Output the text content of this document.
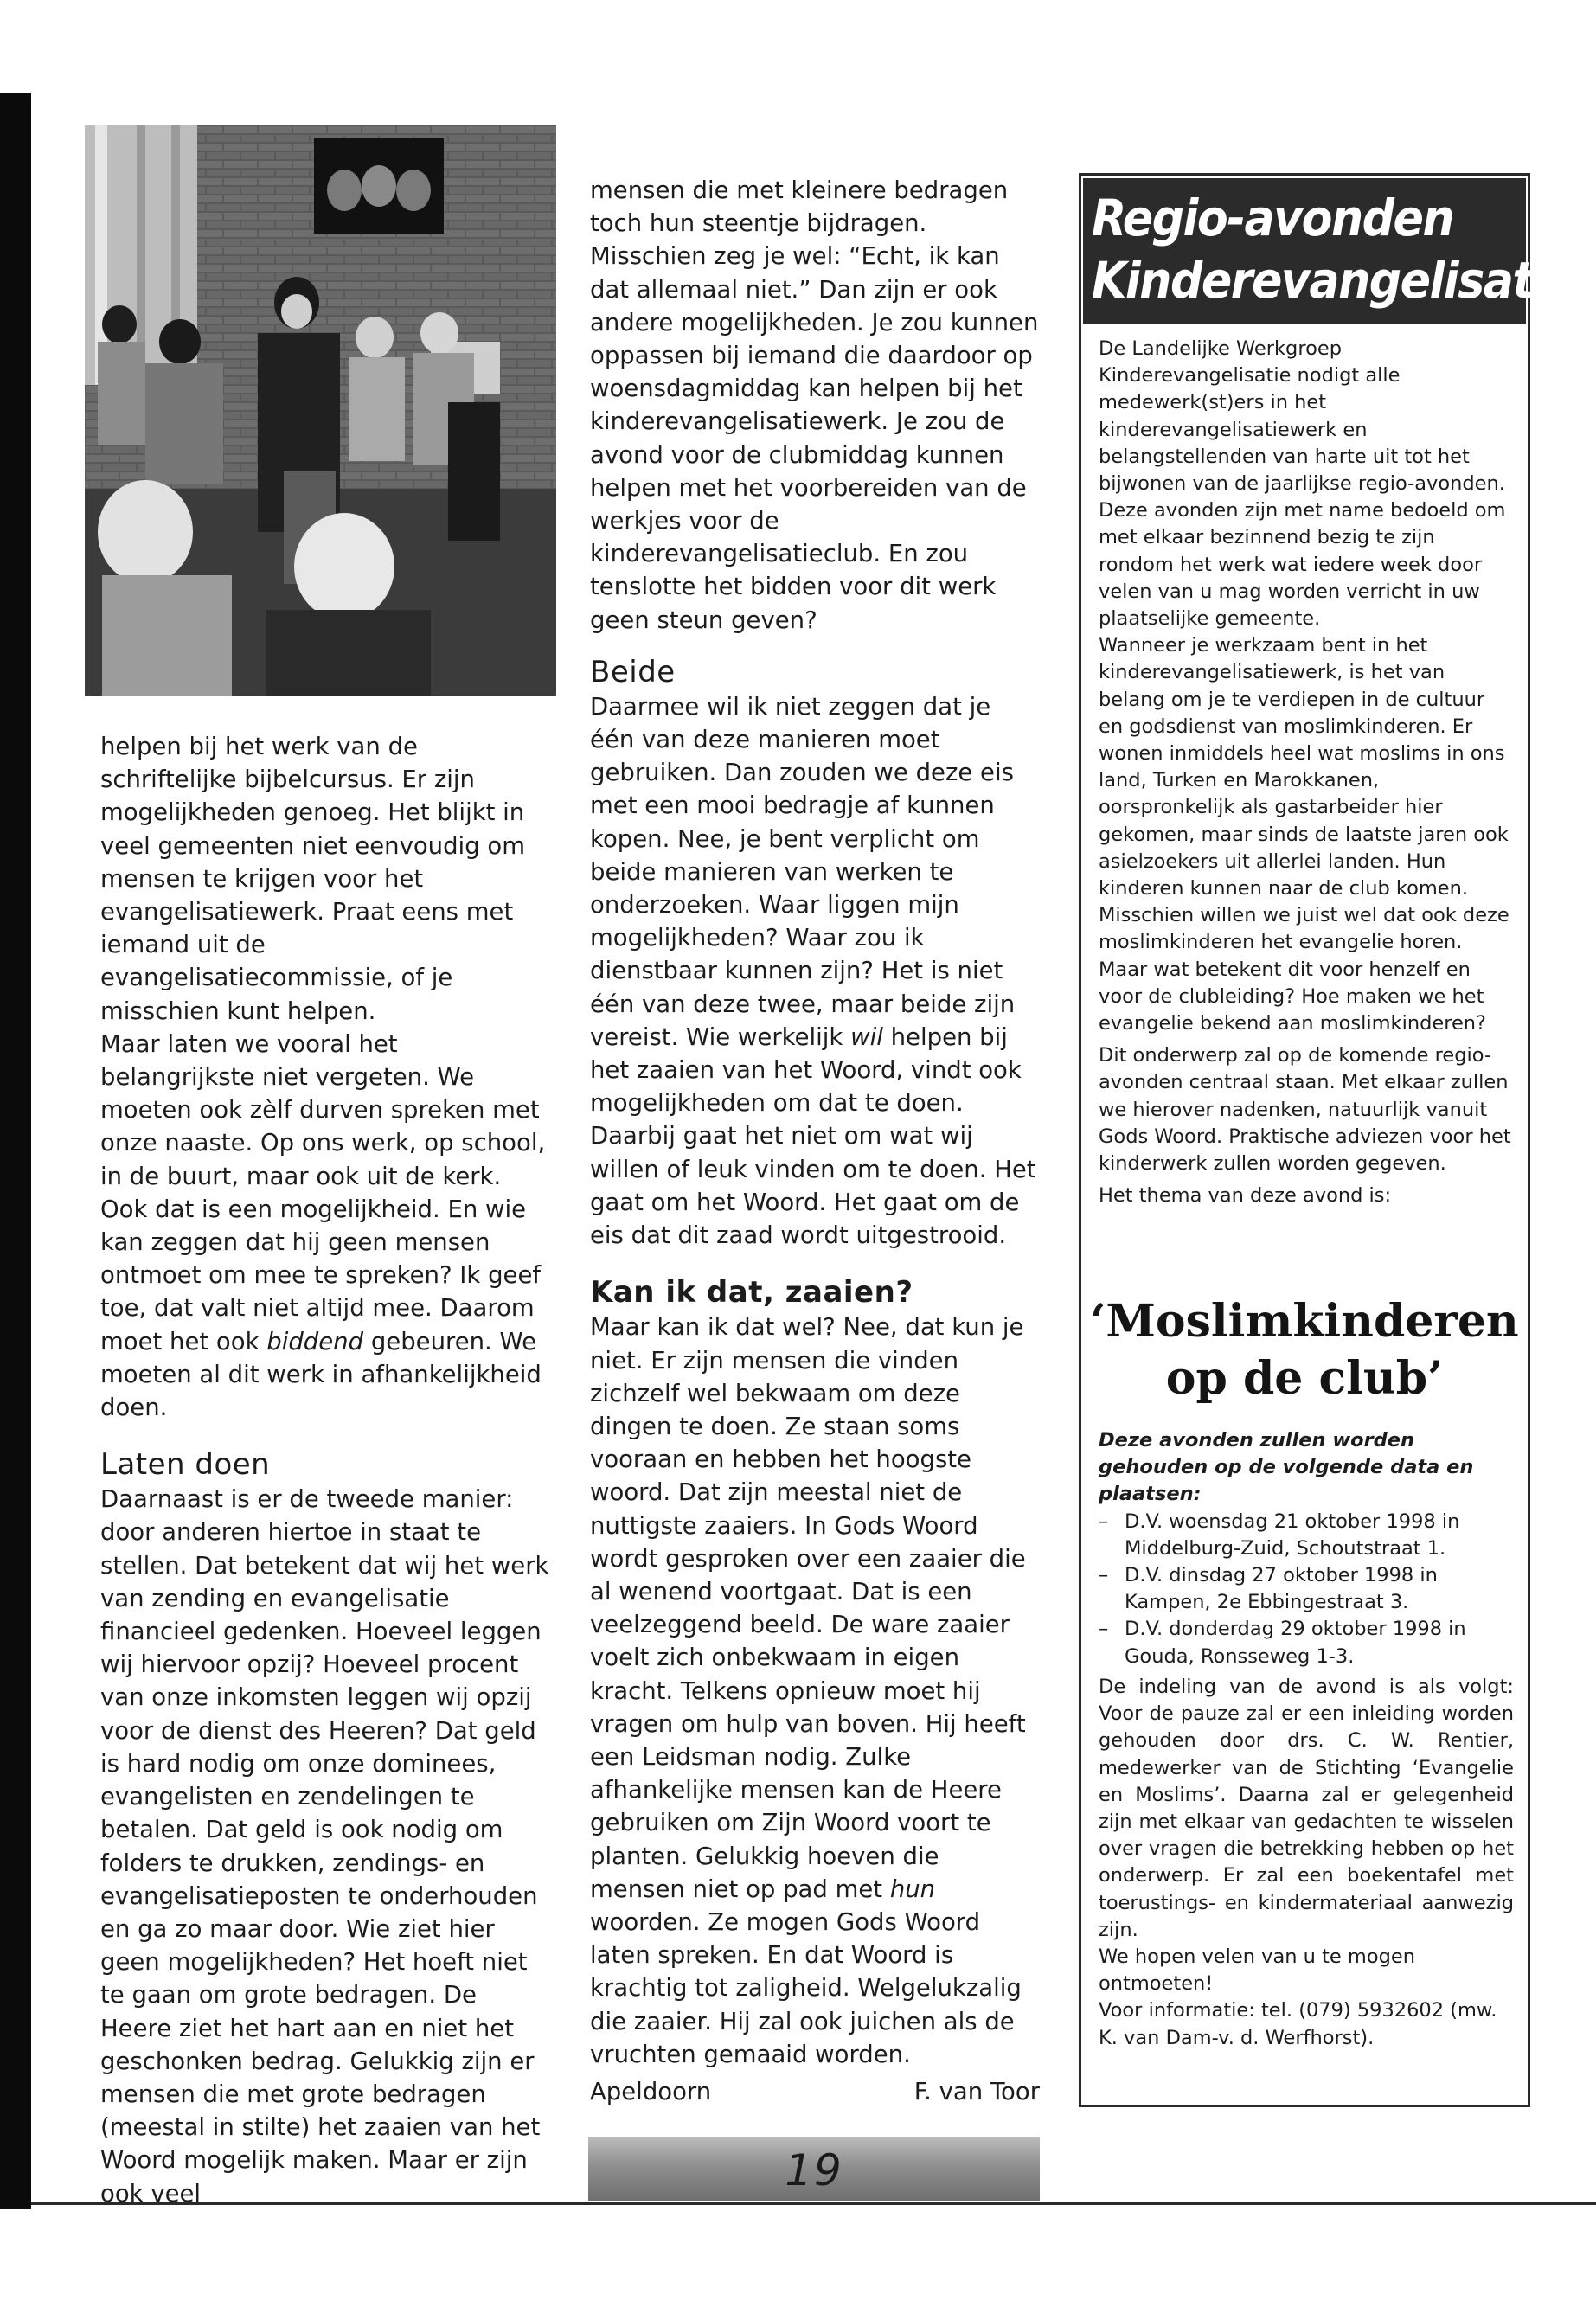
helpen bij het werk van de schriftelijke bijbelcursus. Er zijn mogelijkheden genoeg. Het blijkt in veel gemeenten niet eenvoudig om mensen te krijgen voor het evangelisatiewerk. Praat eens met iemand uit de evangelisatiecommissie, of je misschien kunt helpen.

Maar laten we vooral het belangrijkste niet vergeten. We moeten ook zèlf durven spreken met onze naaste. Op ons werk, op school, in de buurt, maar ook uit de kerk. Ook dat is een mogelijkheid. En wie kan zeggen dat hij geen mensen ontmoet om mee te spreken? Ik geef toe, dat valt niet altijd mee. Daarom moet het ook biddend gebeuren. We moeten al dit werk in afhankelijkheid doen.

Laten doen

Daarnaast is er de tweede manier: door anderen hiertoe in staat te stellen. Dat betekent dat wij het werk van zending en evangelisatie financieel gedenken. Hoeveel leggen wij hiervoor opzij? Hoeveel procent van onze inkomsten leggen wij opzij voor de dienst des Heeren? Dat geld is hard nodig om onze dominees, evangelisten en zendelingen te betalen. Dat geld is ook nodig om folders te drukken, zendings- en evangelisatieposten te onderhouden en ga zo maar door. Wie ziet hier geen mogelijkheden? Het hoeft niet te gaan om grote bedragen. De Heere ziet het hart aan en niet het geschonken bedrag. Gelukkig zijn er mensen die met grote bedragen (meestal in stilte) het zaaien van het Woord mogelijk maken. Maar er zijn ook veel

mensen die met kleinere bedragen toch hun steentje bijdragen. Misschien zeg je wel: “Echt, ik kan dat allemaal niet.” Dan zijn er ook andere mogelijkheden. Je zou kunnen oppassen bij iemand die daardoor op woensdagmiddag kan helpen bij het kinderevangelisatiewerk. Je zou de avond voor de clubmiddag kunnen helpen met het voorbereiden van de werkjes voor de kinderevangelisatieclub. En zou tenslotte het bidden voor dit werk geen steun geven?

Beide

Daarmee wil ik niet zeggen dat je één van deze manieren moet gebruiken. Dan zouden we deze eis met een mooi bedragje af kunnen kopen. Nee, je bent verplicht om beide manieren van werken te onderzoeken. Waar liggen mijn mogelijkheden? Waar zou ik dienstbaar kunnen zijn? Het is niet één van deze twee, maar beide zijn vereist. Wie werkelijk wil helpen bij het zaaien van het Woord, vindt ook mogelijkheden om dat te doen. Daarbij gaat het niet om wat wij willen of leuk vinden om te doen. Het gaat om het Woord. Het gaat om de eis dat dit zaad wordt uitgestrooid.

Kan ik dat, zaaien?

Maar kan ik dat wel? Nee, dat kun je niet. Er zijn mensen die vinden zichzelf wel bekwaam om deze dingen te doen. Ze staan soms vooraan en hebben het hoogste woord. Dat zijn meestal niet de nuttigste zaaiers. In Gods Woord wordt gesproken over een zaaier die al wenend voortgaat. Dat is een veelzeggend beeld. De ware zaaier voelt zich onbekwaam in eigen kracht. Telkens opnieuw moet hij vragen om hulp van boven. Hij heeft een Leidsman nodig. Zulke afhankelijke mensen kan de Heere gebruiken om Zijn Woord voort te planten. Gelukkig hoeven die mensen niet op pad met hun woorden. Ze mogen Gods Woord laten spreken. En dat Woord is krachtig tot zaligheid. Welgelukzalig die zaaier. Hij zal ook juichen als de vruchten gemaaid worden.

Apeldoorn	F. van Toor
19
Regio-avonden
Kinderevangelisatie

De Landelijke Werkgroep Kinderevangelisatie nodigt alle medewerk(st)ers in het kinderevangelisatiewerk en belangstellenden van harte uit tot het bijwonen van de jaarlijkse regio-avonden. Deze avonden zijn met name bedoeld om met elkaar bezinnend bezig te zijn rondom het werk wat iedere week door velen van u mag worden verricht in uw plaatselijke gemeente.

Wanneer je werkzaam bent in het kinderevangelisatiewerk, is het van belang om je te verdiepen in de cultuur en godsdienst van moslimkinderen. Er wonen inmiddels heel wat moslims in ons land, Turken en Marokkanen, oorspronkelijk als gastarbeider hier gekomen, maar sinds de laatste jaren ook asielzoekers uit allerlei landen. Hun kinderen kunnen naar de club komen. Misschien willen we juist wel dat ook deze moslimkinderen het evangelie horen. Maar wat betekent dit voor henzelf en voor de clubleiding? Hoe maken we het evangelie bekend aan moslimkinderen?

Dit onderwerp zal op de komende regio-avonden centraal staan. Met elkaar zullen we hierover nadenken, natuurlijk vanuit Gods Woord. Praktische adviezen voor het kinderwerk zullen worden gegeven.

Het thema van deze avond is:

‘Moslimkinderen
op de club’

Deze avonden zullen worden gehouden op de volgende data en plaatsen:

– D.V. woensdag 21 oktober 1998 in Middelburg-Zuid, Schoutstraat 1.
– D.V. dinsdag 27 oktober 1998 in Kampen, 2e Ebbingestraat 3.
– D.V. donderdag 29 oktober 1998 in Gouda, Ronsseweg 1-3.

De indeling van de avond is als volgt: Voor de pauze zal er een inleiding worden gehouden door drs. C. W. Rentier, medewerker van de Stichting ‘Evangelie en Moslims’. Daarna zal er gelegenheid zijn met elkaar van gedachten te wisselen over vragen die betrekking hebben op het onderwerp. Er zal een boekentafel met toerustings- en kindermateriaal aanwezig zijn.

We hopen velen van u te mogen ontmoeten!

Voor informatie: tel. (079) 5932602 (mw. K. van Dam-v. d. Werfhorst).
